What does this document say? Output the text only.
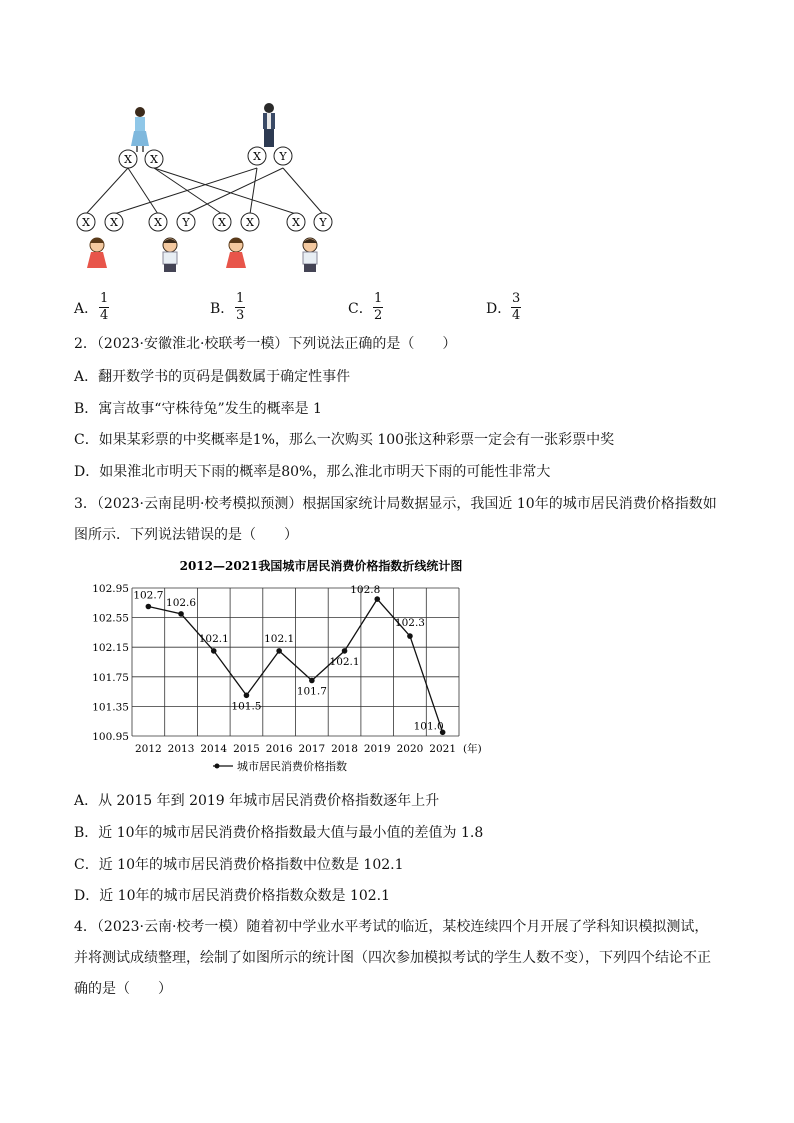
X X	X Y
X X	X Y	X X	X Y
A． $\frac{1}{4}$	B． $\frac{1}{3}$	C． $\frac{1}{2}$	D． $\frac{3}{4}$
2．（2023·安徽淮北·校联考一模）下列说法正确的是（　　）
A．翻开数学书的页码是偶数属于确定性事件
B．寓言故事“守株待兔”发生的概率是 1
C．如果某彩票的中奖概率是1%，那么一次购买 100张这种彩票一定会有一张彩票中奖
D．如果淮北市明天下雨的概率是80%，那么淮北市明天下雨的可能性非常大
3．（2023·云南昆明·校考模拟预测）根据国家统计局数据显示，我国近 10年的城市居民消费价格指数如图所示．下列说法错误的是（　　）
2012—2021我国城市居民消费价格指数折线统计图
102.95
102.55
102.15
101.75
101.35
100.95
2012 2013 2014 2015 2016 2017 2018 2019 2020 2021 (年)
102.7
102.6
102.1
101.5
102.1
101.7
102.1
102.8
102.3
101.0
城市居民消费价格指数
A．从 2015 年到 2019 年城市居民消费价格指数逐年上升
B．近 10年的城市居民消费价格指数最大值与最小值的差值为 1.8
C．近 10年的城市居民消费价格指数中位数是 102.1
D．近 10年的城市居民消费价格指数众数是 102.1
4．（2023·云南·校考一模）随着初中学业水平考试的临近，某校连续四个月开展了学科知识模拟测试，并将测试成绩整理，绘制了如图所示的统计图（四次参加模拟考试的学生人数不变），下列四个结论不正确的是（　　）
